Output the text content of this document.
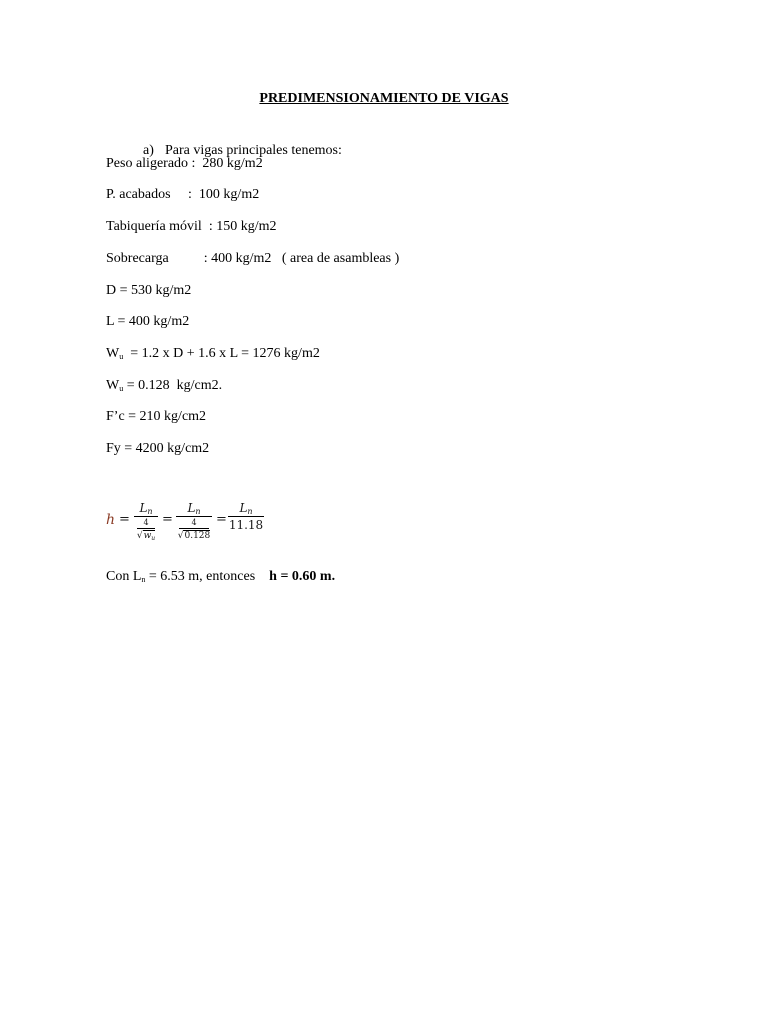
PREDIMENSIONAMIENTO DE VIGAS

a) Para vigas principales tenemos:

Peso aligerado :  280 kg/m2
P. acabados     :  100 kg/m2
Tabiquería móvil  : 150 kg/m2
Sobrecarga          : 400 kg/m2   ( area de asambleas )
D = 530 kg/m2
L = 400 kg/m2
$W_u = 1.2$ x D + 1.6 x L = 1276 kg/m2
$W_u = 0.128$  kg/cm2.
F’c = 210 kg/cm2
Fy = 4200 kg/cm2
h =
$L_n$
4
$√w_u$
=
$L_n$
4
√0.128
=
$L_n$
11.18
Con $L_n = 6.53$ m, entonces    h = 0.60 m.
